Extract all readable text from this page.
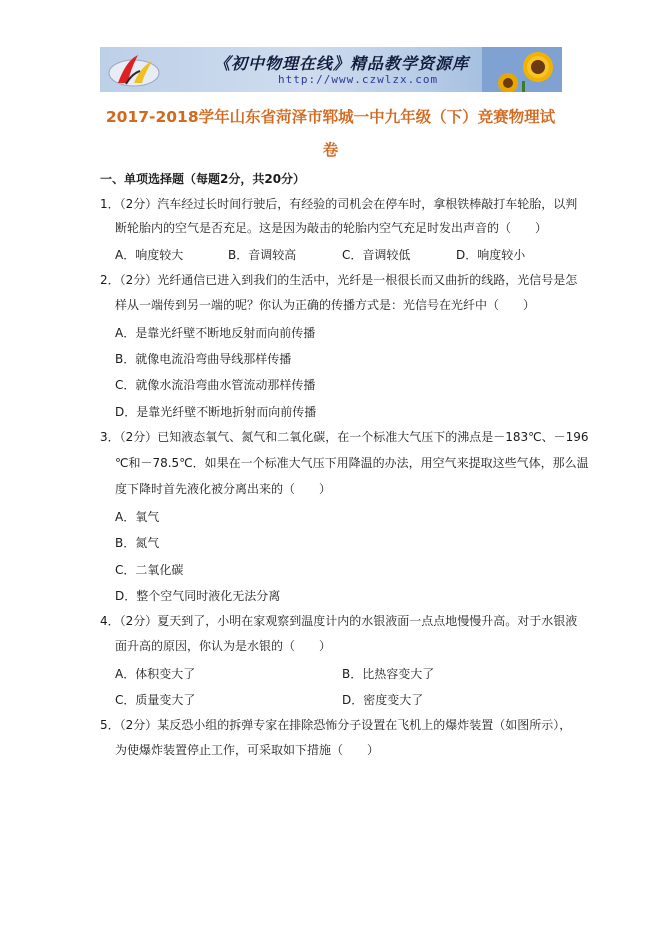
《初中物理在线》精品教学资源库
http://www.czwlzx.com
2017-2018学年山东省菏泽市郓城一中九年级（下）竞赛物理试
卷
一、单项选择题（每题2分，共20分）
1．（2分）汽车经过长时间行驶后，有经验的司机会在停车时，拿根铁棒敲打车轮胎，以判
断轮胎内的空气是否充足。这是因为敲击的轮胎内空气充足时发出声音的（　　）
A．响度较大	B．音调较高	C．音调较低	D．响度较小
2．（2分）光纤通信已进入到我们的生活中，光纤是一根很长而又曲折的线路，光信号是怎
样从一端传到另一端的呢？你认为正确的传播方式是：光信号在光纤中（　　）
A．是靠光纤壁不断地反射而向前传播
B．就像电流沿弯曲导线那样传播
C．就像水流沿弯曲水管流动那样传播
D．是靠光纤壁不断地折射而向前传播
3．（2分）已知液态氧气、氮气和二氧化碳，在一个标准大气压下的沸点是－183℃、－196
℃和－78.5℃．如果在一个标准大气压下用降温的办法，用空气来提取这些气体，那么温
度下降时首先液化被分离出来的（　　）
A．氧气
B．氮气
C．二氧化碳
D．整个空气同时液化无法分离
4．（2分）夏天到了，小明在家观察到温度计内的水银液面一点点地慢慢升高。对于水银液
面升高的原因，你认为是水银的（　　）
A．体积变大了	B．比热容变大了
C．质量变大了	D．密度变大了
5．（2分）某反恐小组的拆弹专家在排除恐怖分子设置在飞机上的爆炸装置（如图所示），
为使爆炸装置停止工作，可采取如下措施（　　）
